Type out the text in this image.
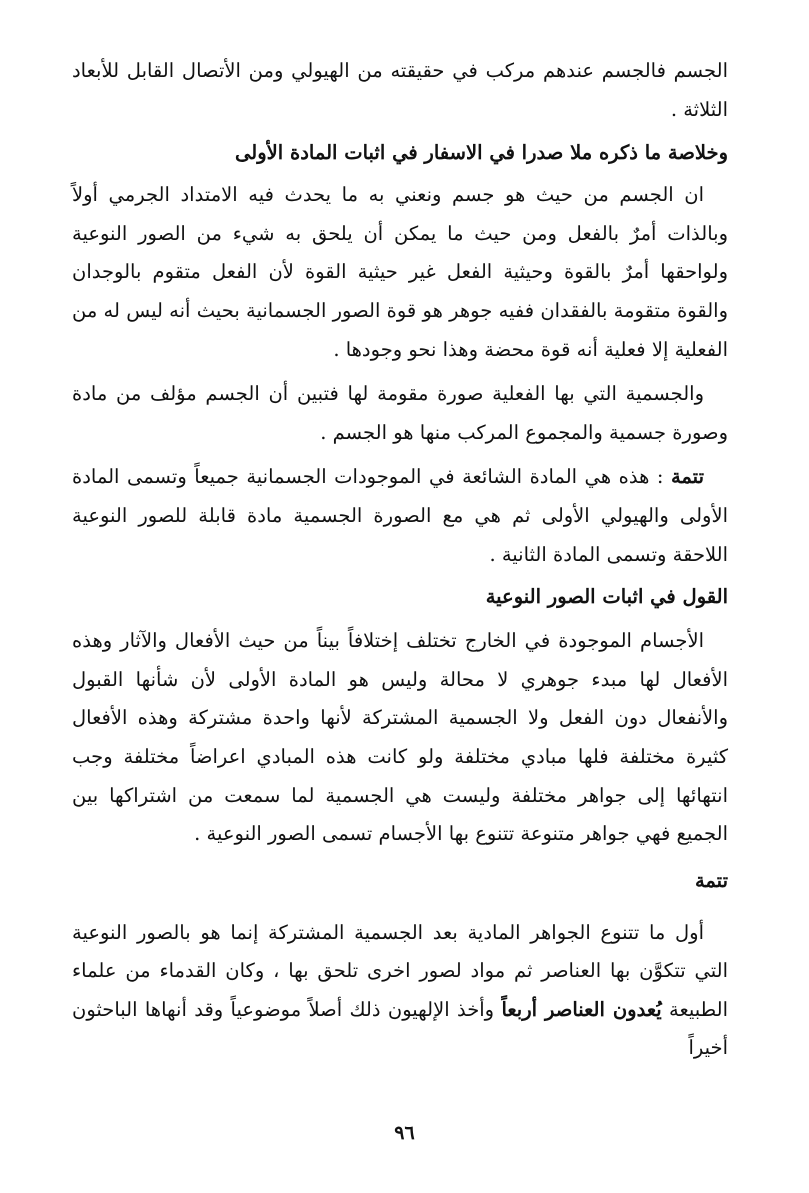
الجسم فالجسم عندهم مركب في حقيقته من الهيولي ومن الأتصال القابل للأبعاد الثلاثة .

وخلاصة ما ذكره ملا صدرا في الاسفار في اثبات المادة الأولى

ان الجسم من حيث هو جسم ونعني به ما يحدث فيه الامتداد الجرمي أولاً وبالذات أمرٌ بالفعل ومن حيث ما يمكن أن يلحق به شيء من الصور النوعية ولواحقها أمرٌ بالقوة وحيثية الفعل غير حيثية القوة لأن الفعل متقوم بالوجدان والقوة متقومة بالفقدان ففيه جوهر هو قوة الصور الجسمانية بحيث أنه ليس له من الفعلية إلا فعلية أنه قوة محضة وهذا نحو وجودها .

والجسمية التي بها الفعلية صورة مقومة لها فتبين أن الجسم مؤلف من مادة وصورة جسمية والمجموع المركب منها هو الجسم .

تتمة : هذه هي المادة الشائعة في الموجودات الجسمانية جميعاً وتسمى المادة الأولى والهيولي الأولى ثم هي مع الصورة الجسمية مادة قابلة للصور النوعية اللاحقة وتسمى المادة الثانية .

القول في اثبات الصور النوعية

الأجسام الموجودة في الخارج تختلف إختلافاً بيناً من حيث الأفعال والآثار وهذه الأفعال لها مبدء جوهري لا محالة وليس هو المادة الأولى لأن شأنها القبول والأنفعال دون الفعل ولا الجسمية المشتركة لأنها واحدة مشتركة وهذه الأفعال كثيرة مختلفة فلها مبادي مختلفة ولو كانت هذه المبادي اعراضاً مختلفة وجب انتهائها إلى جواهر مختلفة وليست هي الجسمية لما سمعت من اشتراكها بين الجميع فهي جواهر متنوعة تتنوع بها الأجسام تسمى الصور النوعية .

تتمة

أول ما تتنوع الجواهر المادية بعد الجسمية المشتركة إنما هو بالصور النوعية التي تتكوَّن بها العناصر ثم مواد لصور اخرى تلحق بها ، وكان القدماء من علماء الطبيعة يُعدون العناصر أربعاً وأخذ الإلهيون ذلك أصلاً موضوعياً وقد أنهاها الباحثون أخيراً

٩٦
